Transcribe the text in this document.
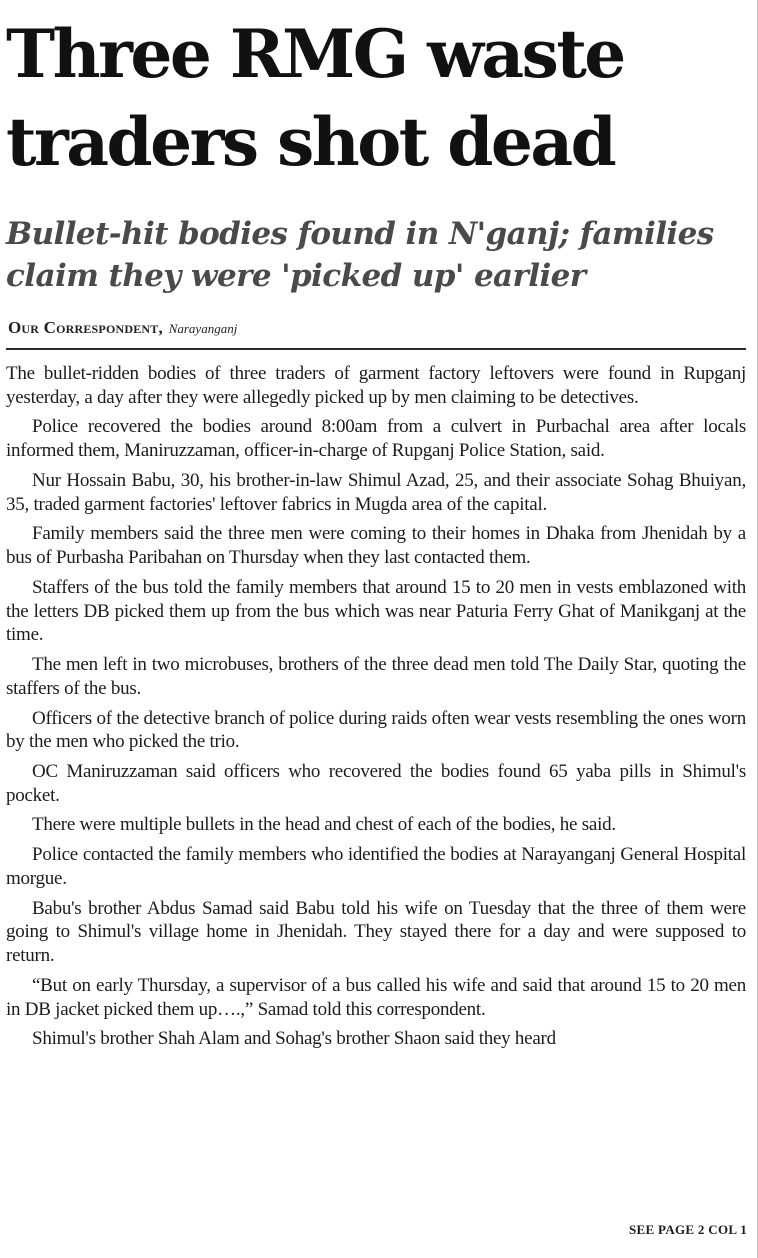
Three RMG waste traders shot dead
Bullet-hit bodies found in N'ganj; families claim they were 'picked up' earlier
Our Correspondent, Narayanganj

The bullet-ridden bodies of three traders of garment factory leftovers were found in Rupganj yesterday, a day after they were allegedly picked up by men claiming to be detectives.

Police recovered the bodies around 8:00am from a culvert in Purbachal area after locals informed them, Maniruzzaman, officer-in-charge of Rupganj Police Station, said.

Nur Hossain Babu, 30, his brother-in-law Shimul Azad, 25, and their associate Sohag Bhuiyan, 35, traded garment factories' leftover fabrics in Mugda area of the capital.

Family members said the three men were coming to their homes in Dhaka from Jhenidah by a bus of Purbasha Paribahan on Thursday when they last contacted them.

Staffers of the bus told the family members that around 15 to 20 men in vests emblazoned with the letters DB picked them up from the bus which was near Paturia Ferry Ghat of Manikganj at the time.

The men left in two microbuses, brothers of the three dead men told The Daily Star, quoting the staffers of the bus.

Officers of the detective branch of police during raids often wear vests resembling the ones worn by the men who picked the trio.

OC Maniruzzaman said officers who recovered the bodies found 65 yaba pills in Shimul's pocket.

There were multiple bullets in the head and chest of each of the bodies, he said.

Police contacted the family members who identified the bodies at Narayanganj General Hospital morgue.

Babu's brother Abdus Samad said Babu told his wife on Tuesday that the three of them were going to Shimul's village home in Jhenidah. They stayed there for a day and were supposed to return.

“But on early Thursday, a supervisor of a bus called his wife and said that around 15 to 20 men in DB jacket picked them up….,” Samad told this correspondent.

Shimul's brother Shah Alam and Sohag's brother Shaon said they heard

SEE PAGE 2 COL 1
